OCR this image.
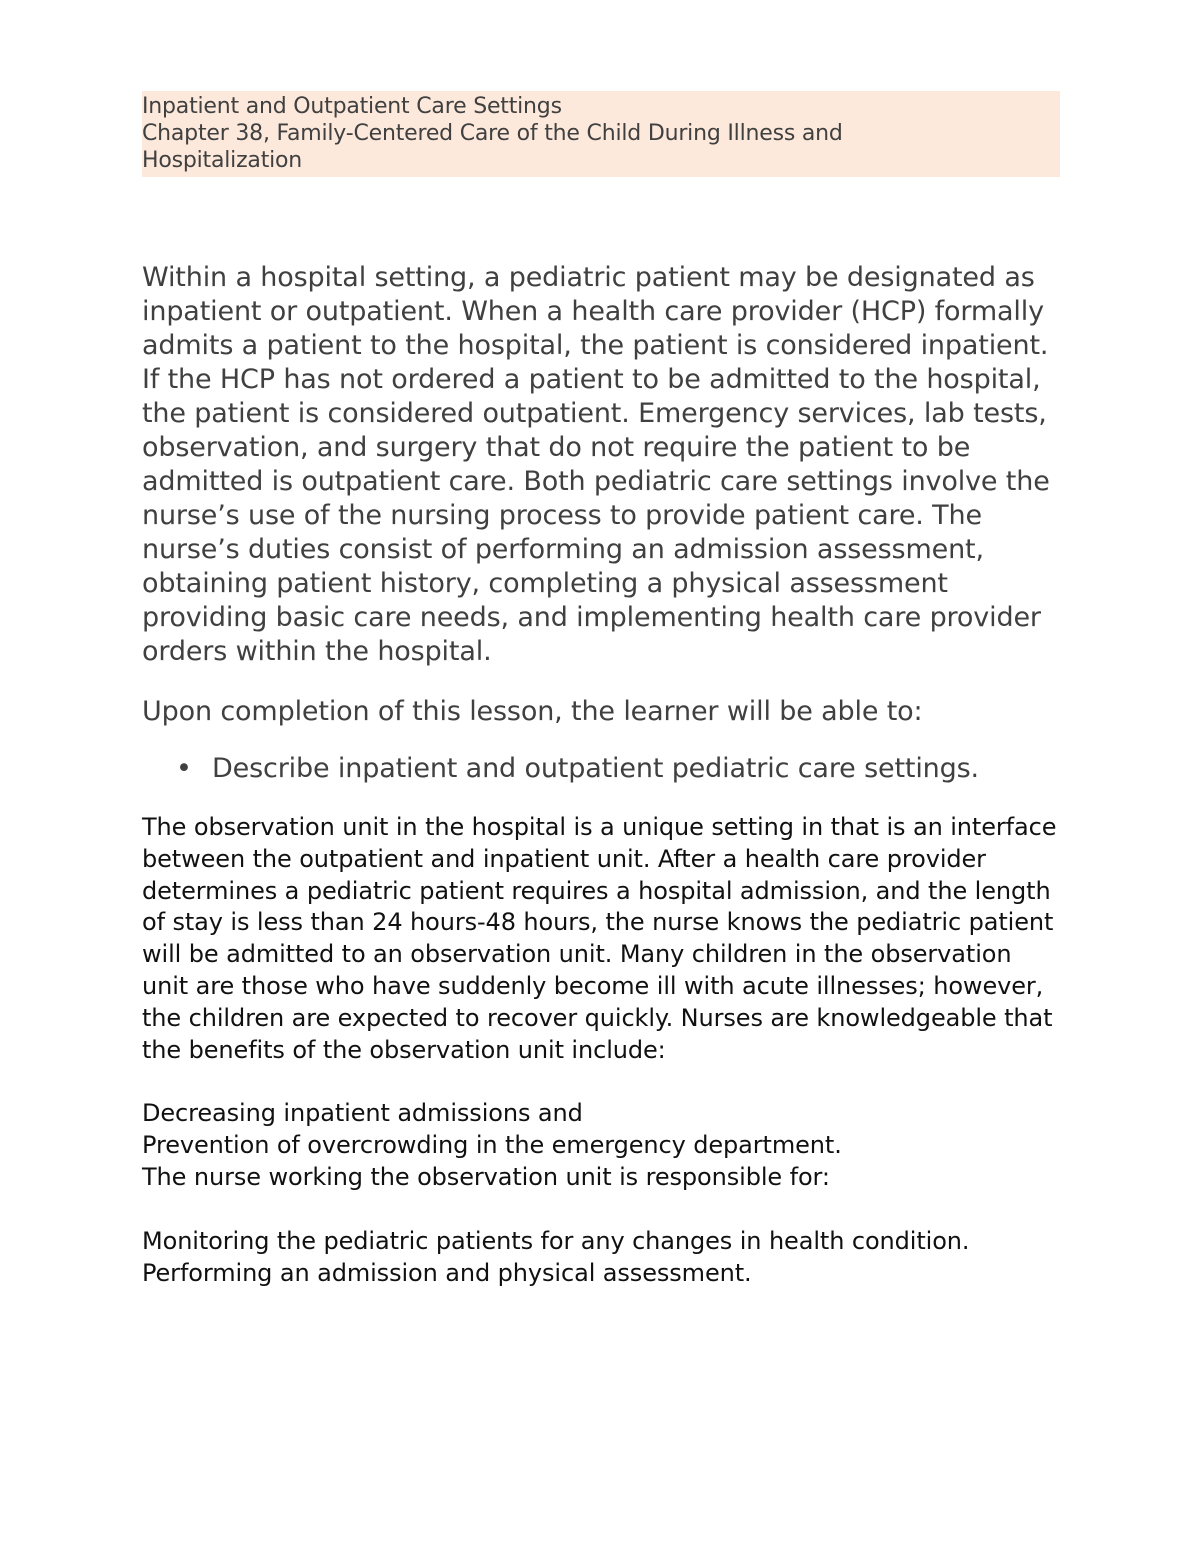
Inpatient and Outpatient Care Settings
Chapter 38, Family-Centered Care of the Child During Illness and
Hospitalization

Within a hospital setting, a pediatric patient may be designated as inpatient or outpatient. When a health care provider (HCP) formally admits a patient to the hospital, the patient is considered inpatient. If the HCP has not ordered a patient to be admitted to the hospital, the patient is considered outpatient. Emergency services, lab tests, observation, and surgery that do not require the patient to be admitted is outpatient care. Both pediatric care settings involve the nurse’s use of the nursing process to provide patient care. The nurse’s duties consist of performing an admission assessment, obtaining patient history, completing a physical assessment providing basic care needs, and implementing health care provider orders within the hospital.

Upon completion of this lesson, the learner will be able to:

• Describe inpatient and outpatient pediatric care settings.

The observation unit in the hospital is a unique setting in that is an interface between the outpatient and inpatient unit. After a health care provider determines a pediatric patient requires a hospital admission, and the length of stay is less than 24 hours-48 hours, the nurse knows the pediatric patient will be admitted to an observation unit. Many children in the observation unit are those who have suddenly become ill with acute illnesses; however, the children are expected to recover quickly. Nurses are knowledgeable that the benefits of the observation unit include:

Decreasing inpatient admissions and

Prevention of overcrowding in the emergency department.

The nurse working the observation unit is responsible for:

Monitoring the pediatric patients for any changes in health condition.

Performing an admission and physical assessment.
